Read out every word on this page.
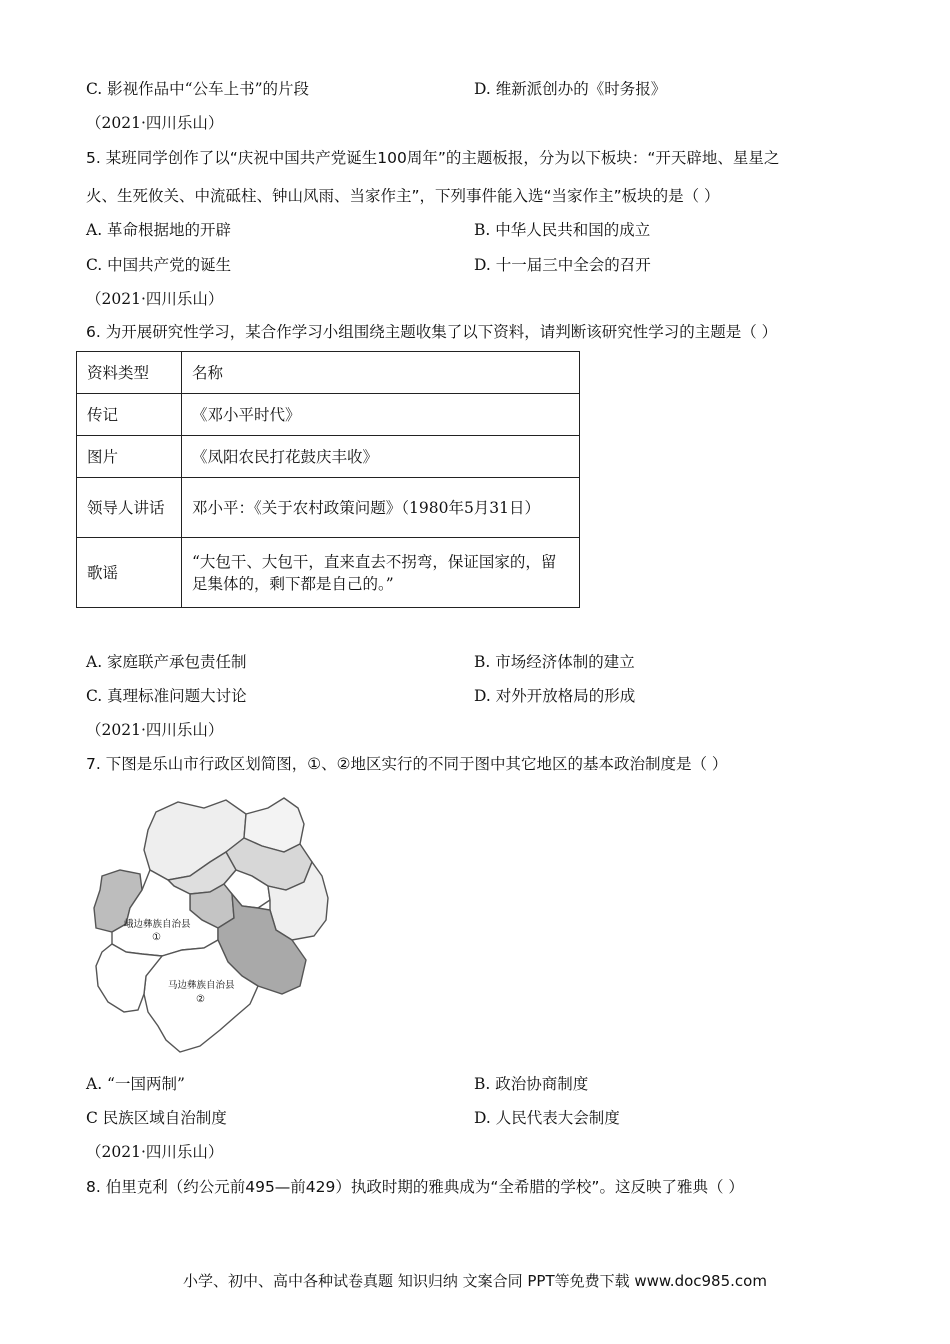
C. 影视作品中“公车上书”的片段	D. 维新派创办的《时务报》
（2021·四川乐山）
5. 某班同学创作了以“庆祝中国共产党诞生100周年”的主题板报，分为以下板块：“开天辟地、星星之
火、生死攸关、中流砥柱、钟山风雨、当家作主”，下列事件能入选“当家作主”板块的是（ ）
A. 革命根据地的开辟	B. 中华人民共和国的成立
C. 中国共产党的诞生	D. 十一届三中全会的召开
（2021·四川乐山）
6. 为开展研究性学习，某合作学习小组围绕主题收集了以下资料，请判断该研究性学习的主题是（ ）
资料类型	名称
传记	《邓小平时代》
图片	《凤阳农民打花鼓庆丰收》
领导人讲话	邓小平：《关于农村政策问题》（1980年5月31日）
歌谣	“大包干、大包干，直来直去不拐弯，保证国家的，留足集体的，剩下都是自己的。”
A. 家庭联产承包责任制	B. 市场经济体制的建立
C. 真理标准问题大讨论	D. 对外开放格局的形成
（2021·四川乐山）
7. 下图是乐山市行政区划简图，①、②地区实行的不同于图中其它地区的基本政治制度是（ ）
峨边彝族自治县
①
马边彝族自治县
②
A. “一国两制”	B. 政治协商制度
C 民族区域自治制度	D. 人民代表大会制度
（2021·四川乐山）
8. 伯里克利（约公元前495—前429）执政时期的雅典成为“全希腊的学校”。这反映了雅典（ ）
小学、初中、高中各种试卷真题 知识归纳 文案合同 PPT等免费下载 www.doc985.com
